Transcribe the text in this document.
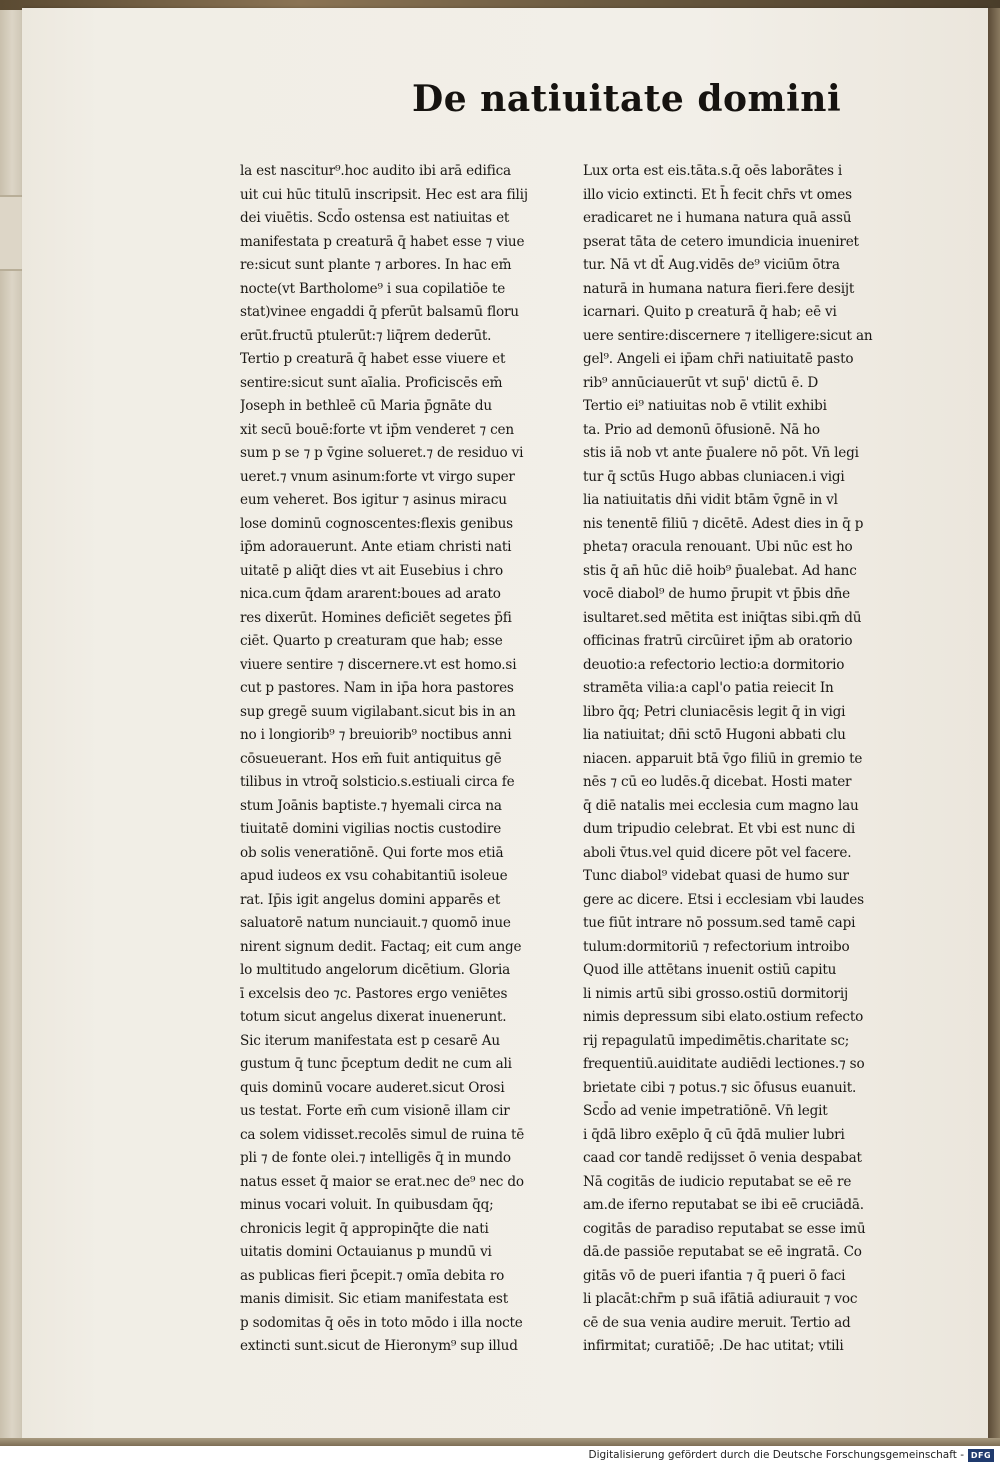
De natiuitate domini
la est nascitur⁹.hoc audito ibi arā edifica
uit cui hūc titulū inscripsit. Hec est ara filij
dei viuētis. Scd̄o ostensa est natiuitas et
manifestata p creaturā q̄ habet esse ⁊ viue
re:sicut sunt plante ⁊ arbores. In hac em̄
nocte(vt Bartholome⁹ i sua copilatiōe te
stat)vinee engaddi q̄ pferūt balsamū floru
erūt.fructū ptulerūt:⁊ liq̄rem dederūt.
Tertio p creaturā q̄ habet esse viuere et
sentire:sicut sunt aīalia. Proficiscēs em̄
Joseph in bethleē cū Maria p̄gnāte du
xit secū bouē:forte vt ip̄m venderet ⁊ cen
sum p se ⁊ p v̄gine solueret.⁊ de residuo vi
ueret.⁊ vnum asinum:forte vt virgo super
eum veheret. Bos igitur ⁊ asinus miracu
lose dominū cognoscentes:flexis genibus
ip̄m adorauerunt. Ante etiam christi nati
uitatē p aliq̄t dies vt ait Eusebius i chro
nica.cum q̄dam ararent:boues ad arato
res dixerūt. Homines deficiēt segetes p̄fi
ciēt. Quarto p creaturam que hab; esse
viuere sentire ⁊ discernere.vt est homo.si
cut p pastores. Nam in ip̄a hora pastores
sup gregē suum vigilabant.sicut bis in an
no i longiorib⁹ ⁊ breuiorib⁹ noctibus anni
cōsueuerant. Hos em̄ fuit antiquitus gē
tilibus in vtroq̄ solsticio.s.estiuali circa fe
stum Joānis baptiste.⁊ hyemali circa na
tiuitatē domini vigilias noctis custodire
ob solis veneratiōnē. Qui forte mos etiā
apud iudeos ex vsu cohabitantiū isoleue
rat. Ip̄is igit angelus domini apparēs et
saluatorē natum nunciauit.⁊ quomō inue
nirent signum dedit. Factaq; eit cum ange
lo multitudo angelorum dicētium. Gloria
ī excelsis deo ⁊c. Pastores ergo veniētes
totum sicut angelus dixerat inuenerunt.
Sic iterum manifestata est p cesarē Au
gustum q̄ tunc p̄ceptum dedit ne cum ali
quis dominū vocare auderet.sicut Orosi
us testat. Forte em̄ cum visionē illam cir
ca solem vidisset.recolēs simul de ruina tē
pli ⁊ de fonte olei.⁊ intelligēs q̄ in mundo
natus esset q̄ maior se erat.nec de⁹ nec do
minus vocari voluit. In quibusdam q̄q;
chronicis legit q̄ appropinq̄te die nati
uitatis domini Octauianus p mundū vi
as publicas fieri p̄cepit.⁊ omīa debita ro
manis dimisit. Sic etiam manifestata est
p sodomitas q̄ oēs in toto mōdo i illa nocte
extincti sunt.sicut de Hieronym⁹ sup illud
Lux orta est eis.tāta.s.q̄ oēs laborātes i
illo vicio extincti. Et h̄ fecit chr̄s vt omes
eradicaret ne i humana natura quā assū
pserat tāta de cetero imundicia inueniret
tur. Nā vt dt̄ Aug.vidēs de⁹ viciūm ōtra
naturā in humana natura fieri.fere desijt
icarnari. Quito p creaturā q̄ hab; eē vi
uere sentire:discernere ⁊ itelligere:sicut an
gel⁹. Angeli ei ip̄am chr̄i natiuitatē pasto
rib⁹ annūciauerūt vt sup̄' dictū ē. D
Tertio ei⁹ natiuitas nob ē vtilit exhibi
ta. Pri̇o ad demonū ōfusionē. Nā ho
stis iā nob vt ante p̄ualere nō pōt. Vn̄ legi
tur q̄ sctūs Hugo abbas cluniacen.i vigi
lia natiuitatis dn̄i vidit btām v̄gnē in vl
nis tenentē filiū ⁊ dicētē. Adest dies in q̄ p
pheta⁊ oracula renouant. Ubi nūc est ho
stis q̄ an̄ hūc diē hoib⁹ p̄ualebat. Ad hanc
vocē diabol⁹ de humo p̄rupit vt p̄bis dn̄e
isultaret.sed mētita est iniq̄tas sibi.qm̄ dū
officinas fratrū circūiret ip̄m ab oratorio
deuotio:a refectorio lectio:a dormitorio
stramēta vilia:a capl'o patia reiecit In
libro q̄q; Petri cluniacēsis legit q̄ in vigi
lia natiuitat; dn̄i sctō Hugoni abbati clu
niacen. apparuit btā v̄go filiū in gremio te
nēs ⁊ cū eo ludēs.q̄ dicebat. Hosti mater
q̄ diē natalis mei ecclesia cum magno lau
dum tripudio celebrat. Et vbi est nunc di
aboli v̄tus.vel quid dicere pōt vel facere.
Tunc diabol⁹ videbat quasi de humo sur
gere ac dicere. Etsi i ecclesiam vbi laudes
tue fiūt intrare nō possum.sed tamē capi
tulum:dormitoriū ⁊ refectorium introibo
Quod ille attētans inuenit ostiū capitu
li nimis artū sibi grosso.ostiū dormitorij
nimis depressum sibi elato.ostium refecto
rij repagulatū impedimētis.charitate sc;
frequentiū.auiditate audiēdi lectiones.⁊ so
brietate cibi ⁊ potus.⁊ sic ōfusus euanuit.
Scd̄o ad venie impetratiōnē. Vn̄ legit
i q̄dā libro exēplo q̄ cū q̄dā mulier lubri
caad cor tandē redijsset ō venia despabat
Nā cogitās de iudicio reputabat se eē re
am.de iferno reputabat se ibi eē cruciādā.
cogitās de paradiso reputabat se esse imū
dā.de passiōe reputabat se eē ingratā. Co
gitās vō de pueri ifantia ⁊ q̄ pueri ō faci
li placāt:chr̄m p suā ifātiā adiurauit ⁊ voc
cē de sua venia audire meruit. Tertio ad
infirmitat; curatiōē; .De hac utitat; vtili
Digitalisierung gefördert durch die Deutsche Forschungsgemeinschaft - DFG
